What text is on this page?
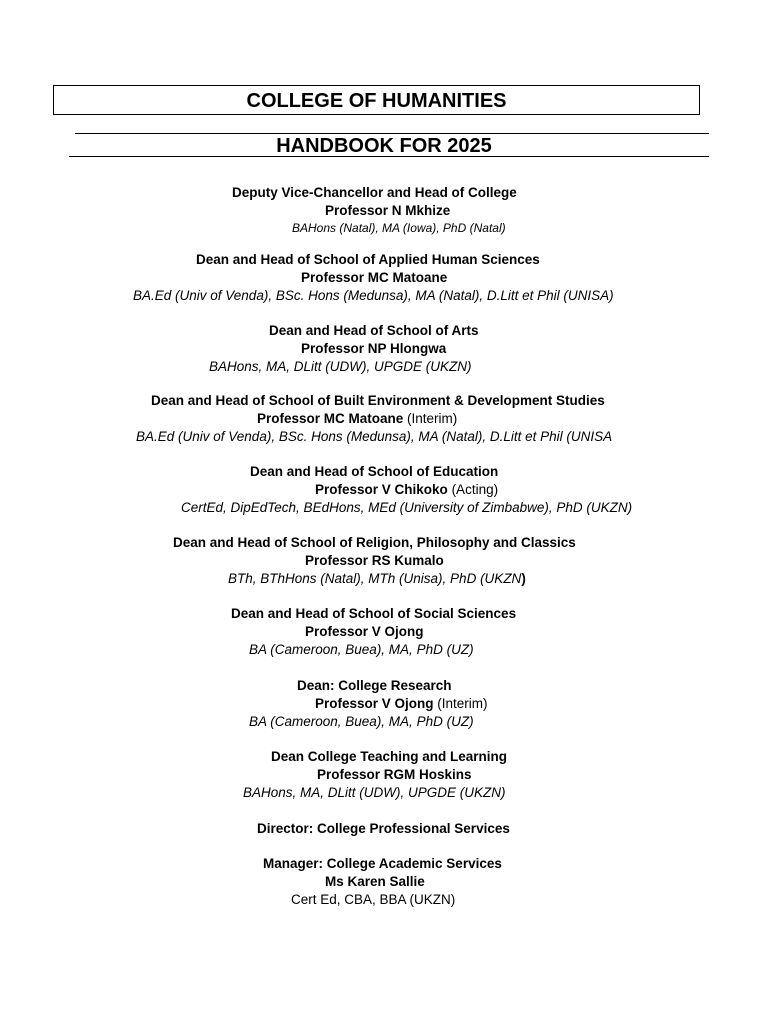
COLLEGE OF HUMANITIES
HANDBOOK FOR 2025
Deputy Vice-Chancellor and Head of College
Professor N Mkhize
BAHons (Natal), MA (Iowa), PhD (Natal)
Dean and Head of School of Applied Human Sciences
Professor MC Matoane
BA.Ed (Univ of Venda), BSc. Hons (Medunsa), MA (Natal), D.Litt et Phil (UNISA)
Dean and Head of School of Arts
Professor NP Hlongwa
BAHons, MA, DLitt (UDW), UPGDE (UKZN)
Dean and Head of School of Built Environment & Development Studies
Professor MC Matoane (Interim)
BA.Ed (Univ of Venda), BSc. Hons (Medunsa), MA (Natal), D.Litt et Phil (UNISA
Dean and Head of School of Education
Professor V Chikoko (Acting)
CertEd, DipEdTech, BEdHons, MEd (University of Zimbabwe), PhD (UKZN)
Dean and Head of School of Religion, Philosophy and Classics
Professor RS Kumalo
BTh, BThHons (Natal), MTh (Unisa), PhD (UKZN)
Dean and Head of School of Social Sciences
Professor V Ojong
BA (Cameroon, Buea), MA, PhD (UZ)
Dean: College Research
Professor V Ojong (Interim)
BA (Cameroon, Buea), MA, PhD (UZ)
Dean College Teaching and Learning
Professor RGM Hoskins
BAHons, MA, DLitt (UDW), UPGDE (UKZN)
Director: College Professional Services
Manager: College Academic Services
Ms Karen Sallie
Cert Ed, CBA, BBA (UKZN)
